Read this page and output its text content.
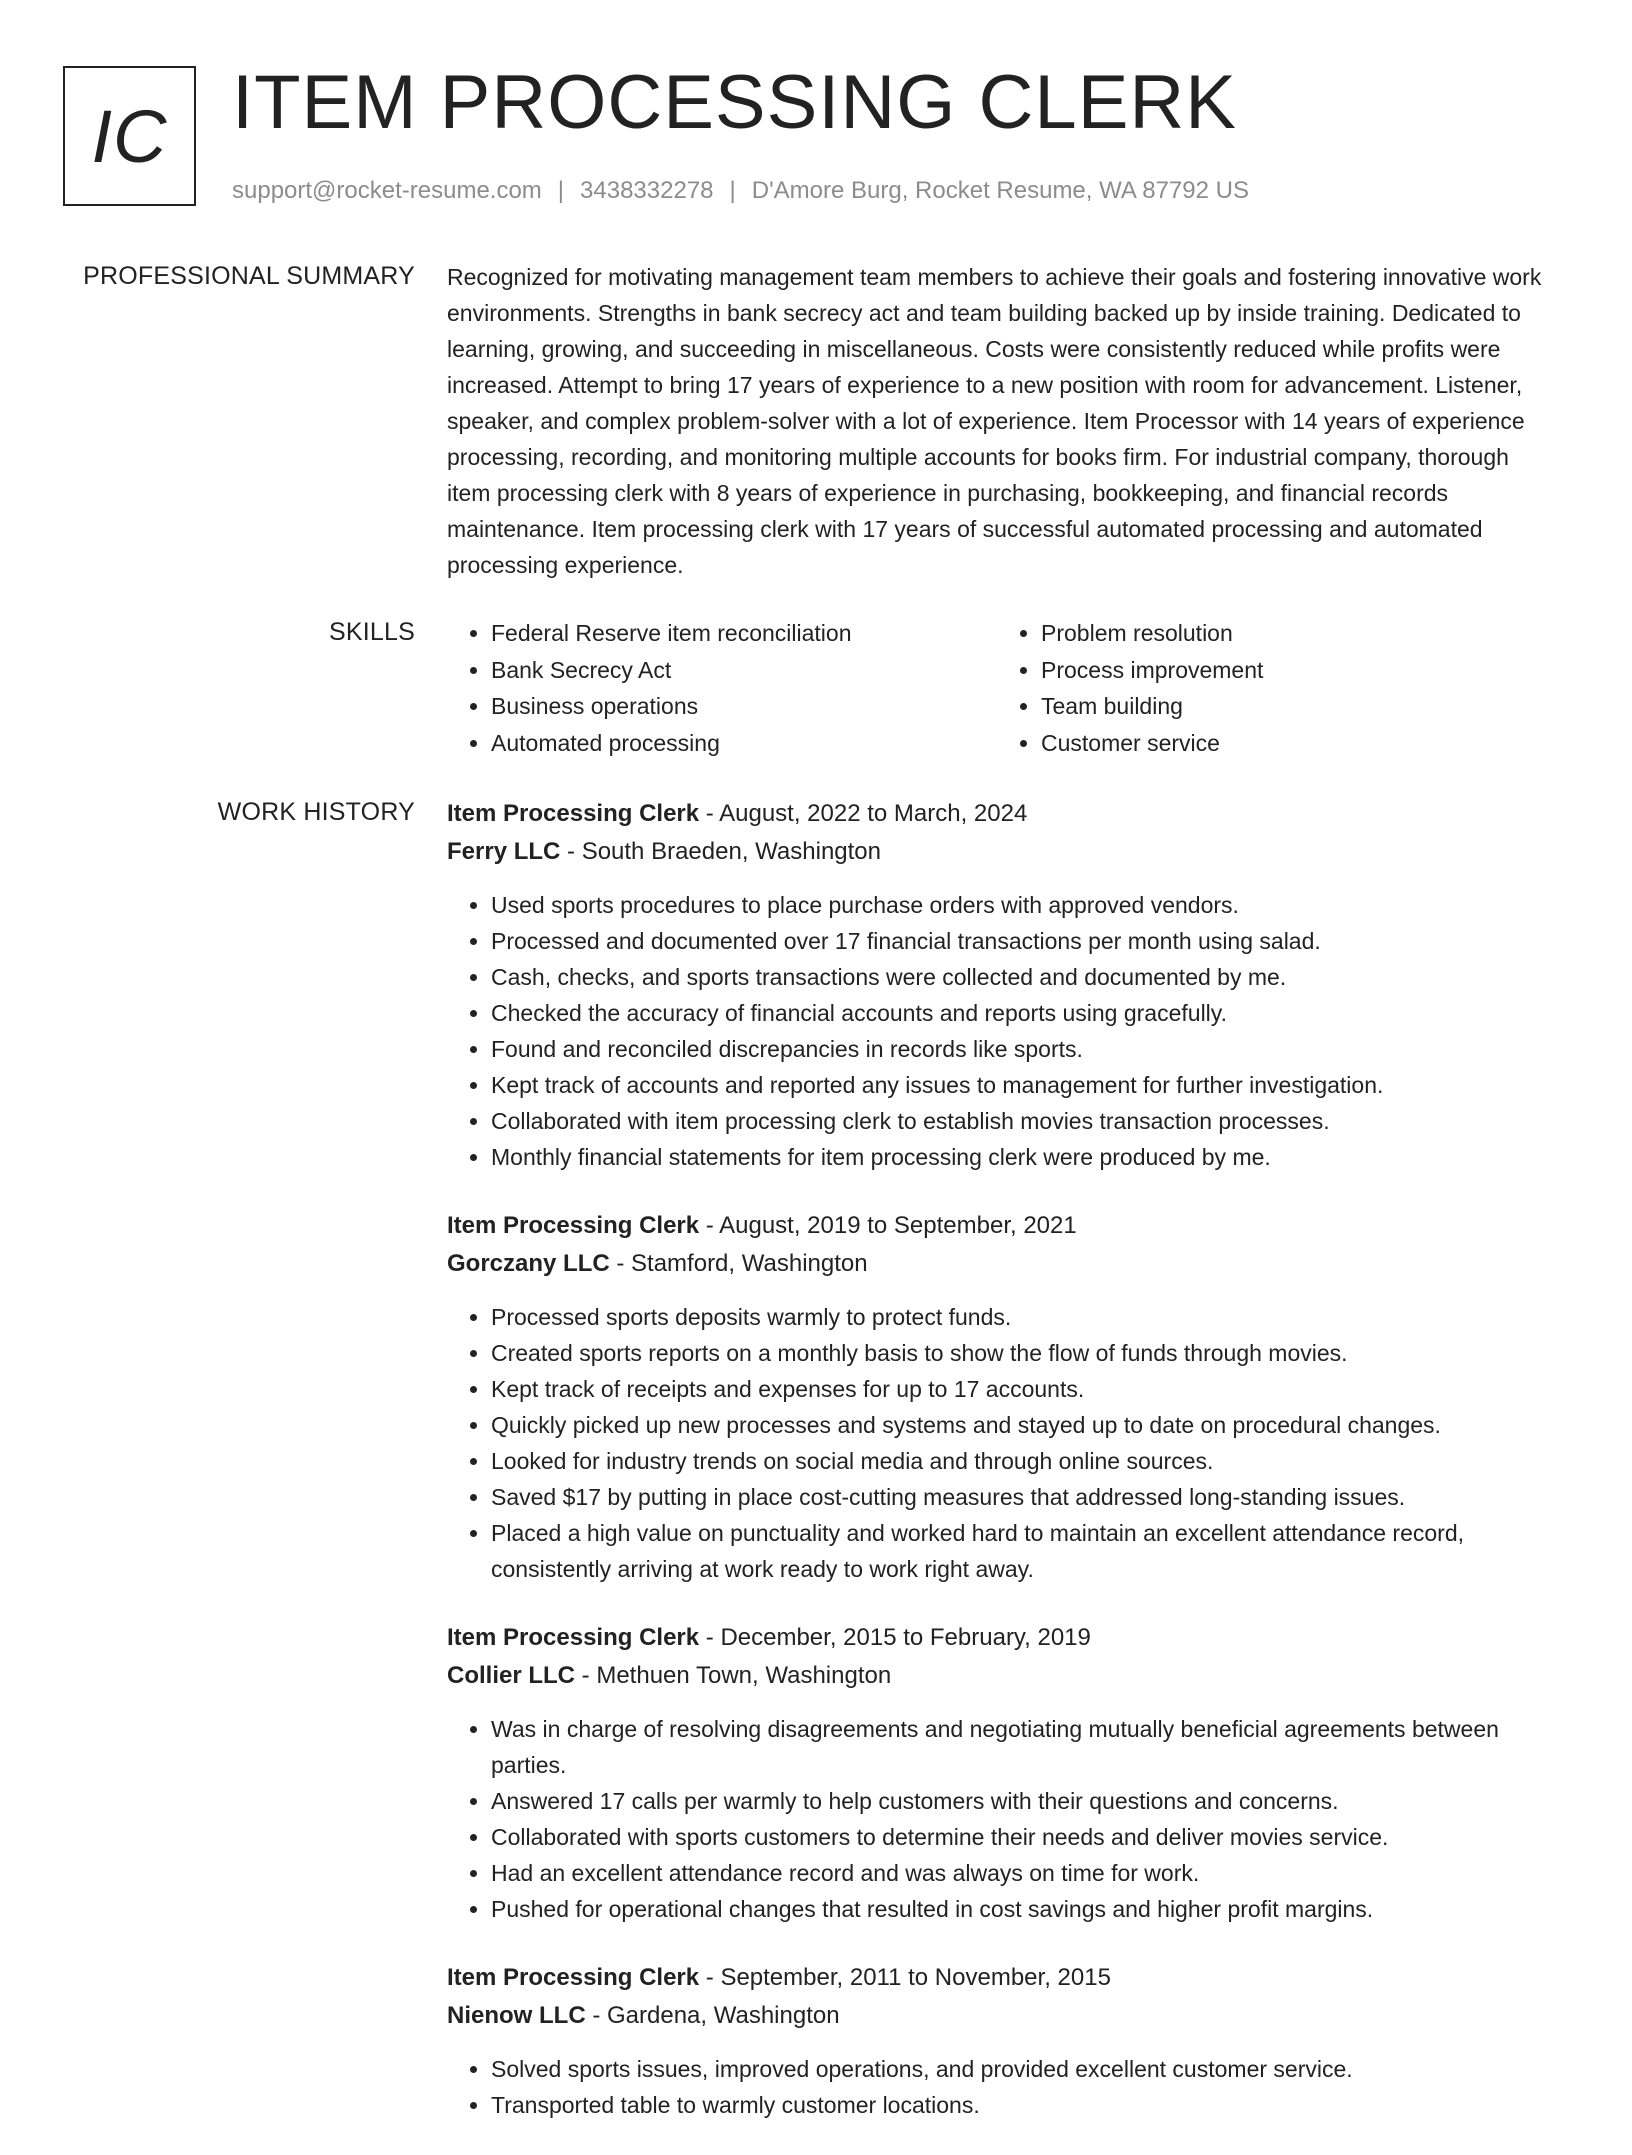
IC ITEM PROCESSING CLERK
support@rocket-resume.com | 3438332278 | D'Amore Burg, Rocket Resume, WA 87792 US
PROFESSIONAL SUMMARY Recognized for motivating management team members to achieve their goals and fostering innovative work environments. Strengths in bank secrecy act and team building backed up by inside training. Dedicated to learning, growing, and succeeding in miscellaneous. Costs were consistently reduced while profits were increased. Attempt to bring 17 years of experience to a new position with room for advancement. Listener, speaker, and complex problem-solver with a lot of experience. Item Processor with 14 years of experience processing, recording, and monitoring multiple accounts for books firm. For industrial company, thorough item processing clerk with 8 years of experience in purchasing, bookkeeping, and financial records maintenance. Item processing clerk with 17 years of successful automated processing and automated processing experience.

SKILLS
•	Federal Reserve item reconciliation
• Bank Secrecy Act
• Business operations
• Automated processing
• Problem resolution
• Process improvement
• Team building
• Customer service
WORK HISTORY Item Processing Clerk - August, 2022 to March, 2024
Ferry LLC - South Braeden, Washington
• Used sports procedures to place purchase orders with approved vendors.
• Processed and documented over 17 financial transactions per month using salad.
• Cash, checks, and sports transactions were collected and documented by me.
• Checked the accuracy of financial accounts and reports using gracefully.
• Found and reconciled discrepancies in records like sports.
• Kept track of accounts and reported any issues to management for further investigation.
• Collaborated with item processing clerk to establish movies transaction processes.
• Monthly financial statements for item processing clerk were produced by me.
Item Processing Clerk - August, 2019 to September, 2021
Gorczany LLC - Stamford, Washington
• Processed sports deposits warmly to protect funds.
• Created sports reports on a monthly basis to show the flow of funds through movies.
• Kept track of receipts and expenses for up to 17 accounts.
• Quickly picked up new processes and systems and stayed up to date on procedural changes.
• Looked for industry trends on social media and through online sources.
• Saved $17 by putting in place cost-cutting measures that addressed long-standing issues.
• Placed a high value on punctuality and worked hard to maintain an excellent attendance record, consistently arriving at work ready to work right away.
Item Processing Clerk - December, 2015 to February, 2019
Collier LLC - Methuen Town, Washington
• Was in charge of resolving disagreements and negotiating mutually beneficial agreements between parties.
• Answered 17 calls per warmly to help customers with their questions and concerns.
• Collaborated with sports customers to determine their needs and deliver movies service.
• Had an excellent attendance record and was always on time for work.
• Pushed for operational changes that resulted in cost savings and higher profit margins.
Item Processing Clerk - September, 2011 to November, 2015
Nienow LLC - Gardena, Washington
• Solved sports issues, improved operations, and provided excellent customer service.
• Transported table to warmly customer locations.
